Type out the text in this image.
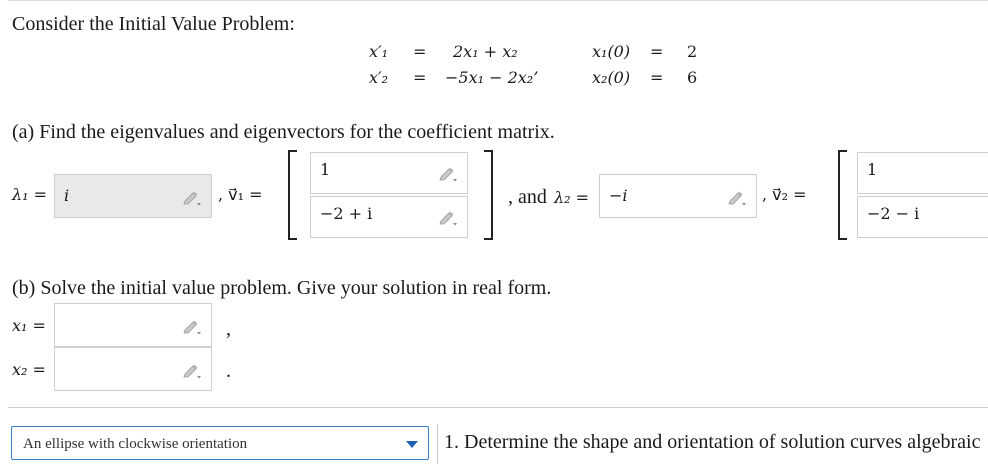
Consider the Initial Value Problem:
x′₁ = 2x₁ + x₂	x₁(0) = 2
x′₂ = −5x₁ − 2x₂’	x₂(0) = 6
(a) Find the eigenvalues and eigenvectors for the coefficient matrix.
λ₁ = i	, v⃗₁ =
1
−2 + i
, and λ₂ = −i	, v⃗₂ =
1
−2 − i
(b) Solve the initial value problem. Give your solution in real form.
x₁ =	,
x₂ =	.
An ellipse with clockwise orientation	1. Determine the shape and orientation of solution curves algebraic
